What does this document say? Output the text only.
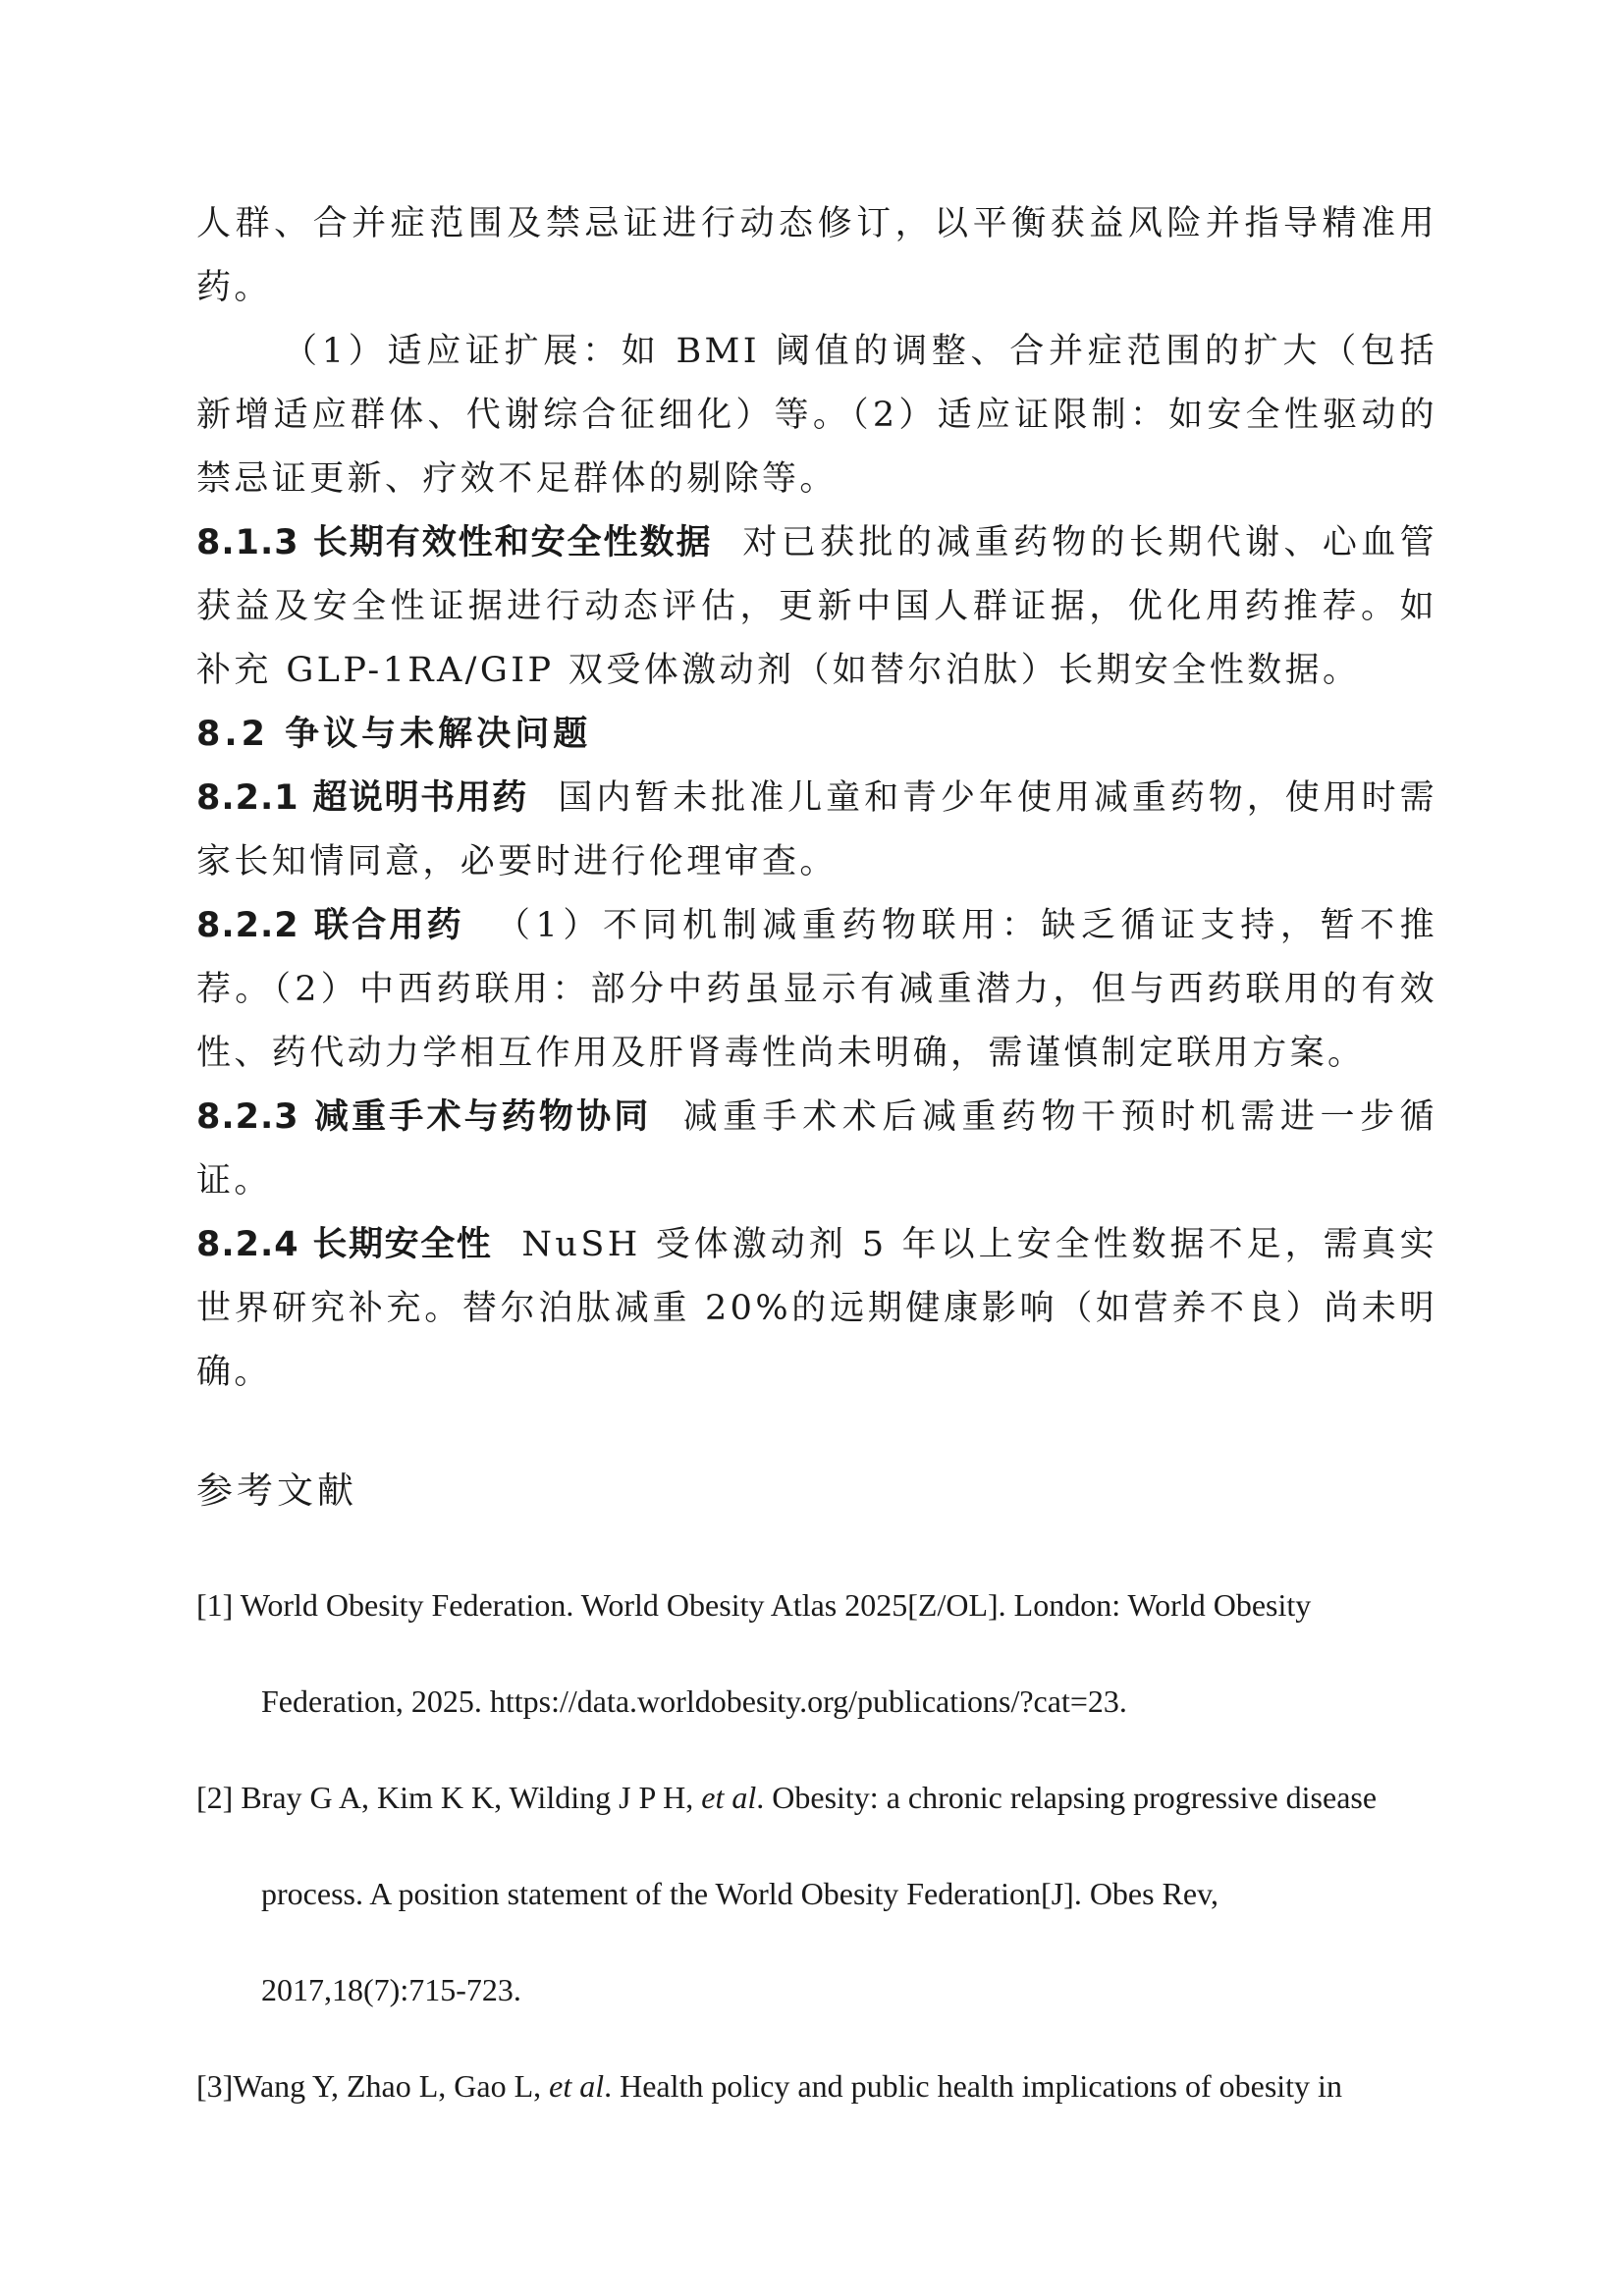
人群、合并症范围及禁忌证进行动态修订，以平衡获益风险并指导精准用药。

（1）适应证扩展：如 BMI 阈值的调整、合并症范围的扩大（包括新增适应群体、代谢综合征细化）等。（2）适应证限制：如安全性驱动的禁忌证更新、疗效不足群体的剔除等。

8.1.3 长期有效性和安全性数据 对已获批的减重药物的长期代谢、心血管获益及安全性证据进行动态评估，更新中国人群证据，优化用药推荐。如补充 GLP-1RA/GIP 双受体激动剂（如替尔泊肽）长期安全性数据。

8.2 争议与未解决问题

8.2.1 超说明书用药 国内暂未批准儿童和青少年使用减重药物，使用时需家长知情同意，必要时进行伦理审查。

8.2.2 联合用药 （1）不同机制减重药物联用：缺乏循证支持，暂不推荐。（2）中西药联用：部分中药虽显示有减重潜力，但与西药联用的有效性、药代动力学相互作用及肝肾毒性尚未明确，需谨慎制定联用方案。

8.2.3 减重手术与药物协同 减重手术术后减重药物干预时机需进一步循证。

8.2.4 长期安全性 NuSH 受体激动剂 5 年以上安全性数据不足，需真实世界研究补充。替尔泊肽减重 20%的远期健康影响（如营养不良）尚未明确。

参考文献

[1] World Obesity Federation. World Obesity Atlas 2025[Z/OL]. London: World Obesity
Federation, 2025. https://data.worldobesity.org/publications/?cat=23.

[2] Bray G A, Kim K K, Wilding J P H, et al. Obesity: a chronic relapsing progressive disease
process. A position statement of the World Obesity Federation[J]. Obes Rev,
2017,18(7):715-723.

[3]Wang Y, Zhao L, Gao L, et al. Health policy and public health implications of obesity in
